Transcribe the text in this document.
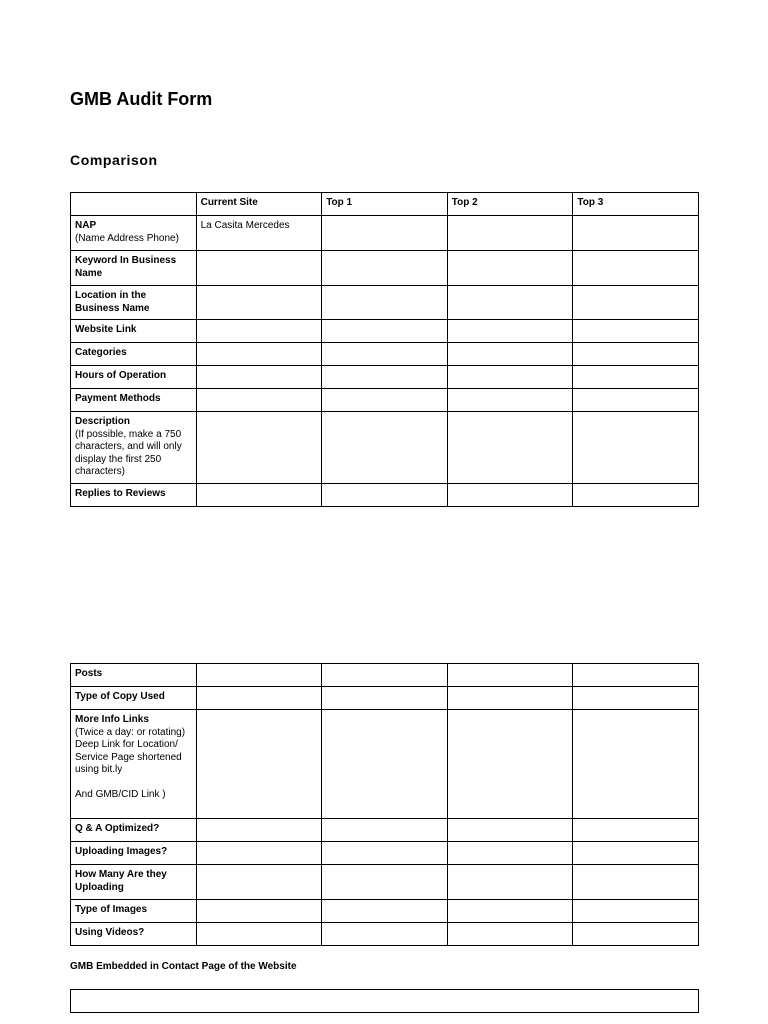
GMB Audit Form
Comparison
	Current Site	Top 1	Top 2	Top 3

NAP
(Name Address Phone)	La Casita Mercedes			

Keyword In Business Name				

Location in the Business Name				

Website Link				

Categories				

Hours of Operation				

Payment Methods				

Description
(If possible, make a 750 characters, and will only display the first 250 characters)				

Replies to Reviews				

Posts				

Type of Copy Used				

More Info Links
(Twice a day: or rotating)
Deep Link for Location/ Service Page shortened using bit.ly

And GMB/CID Link )				

Q & A Optimized?				

Uploading Images?				

How Many Are they Uploading				

Type of Images				

Using Videos?				

GMB Embedded in Contact Page of the Website
